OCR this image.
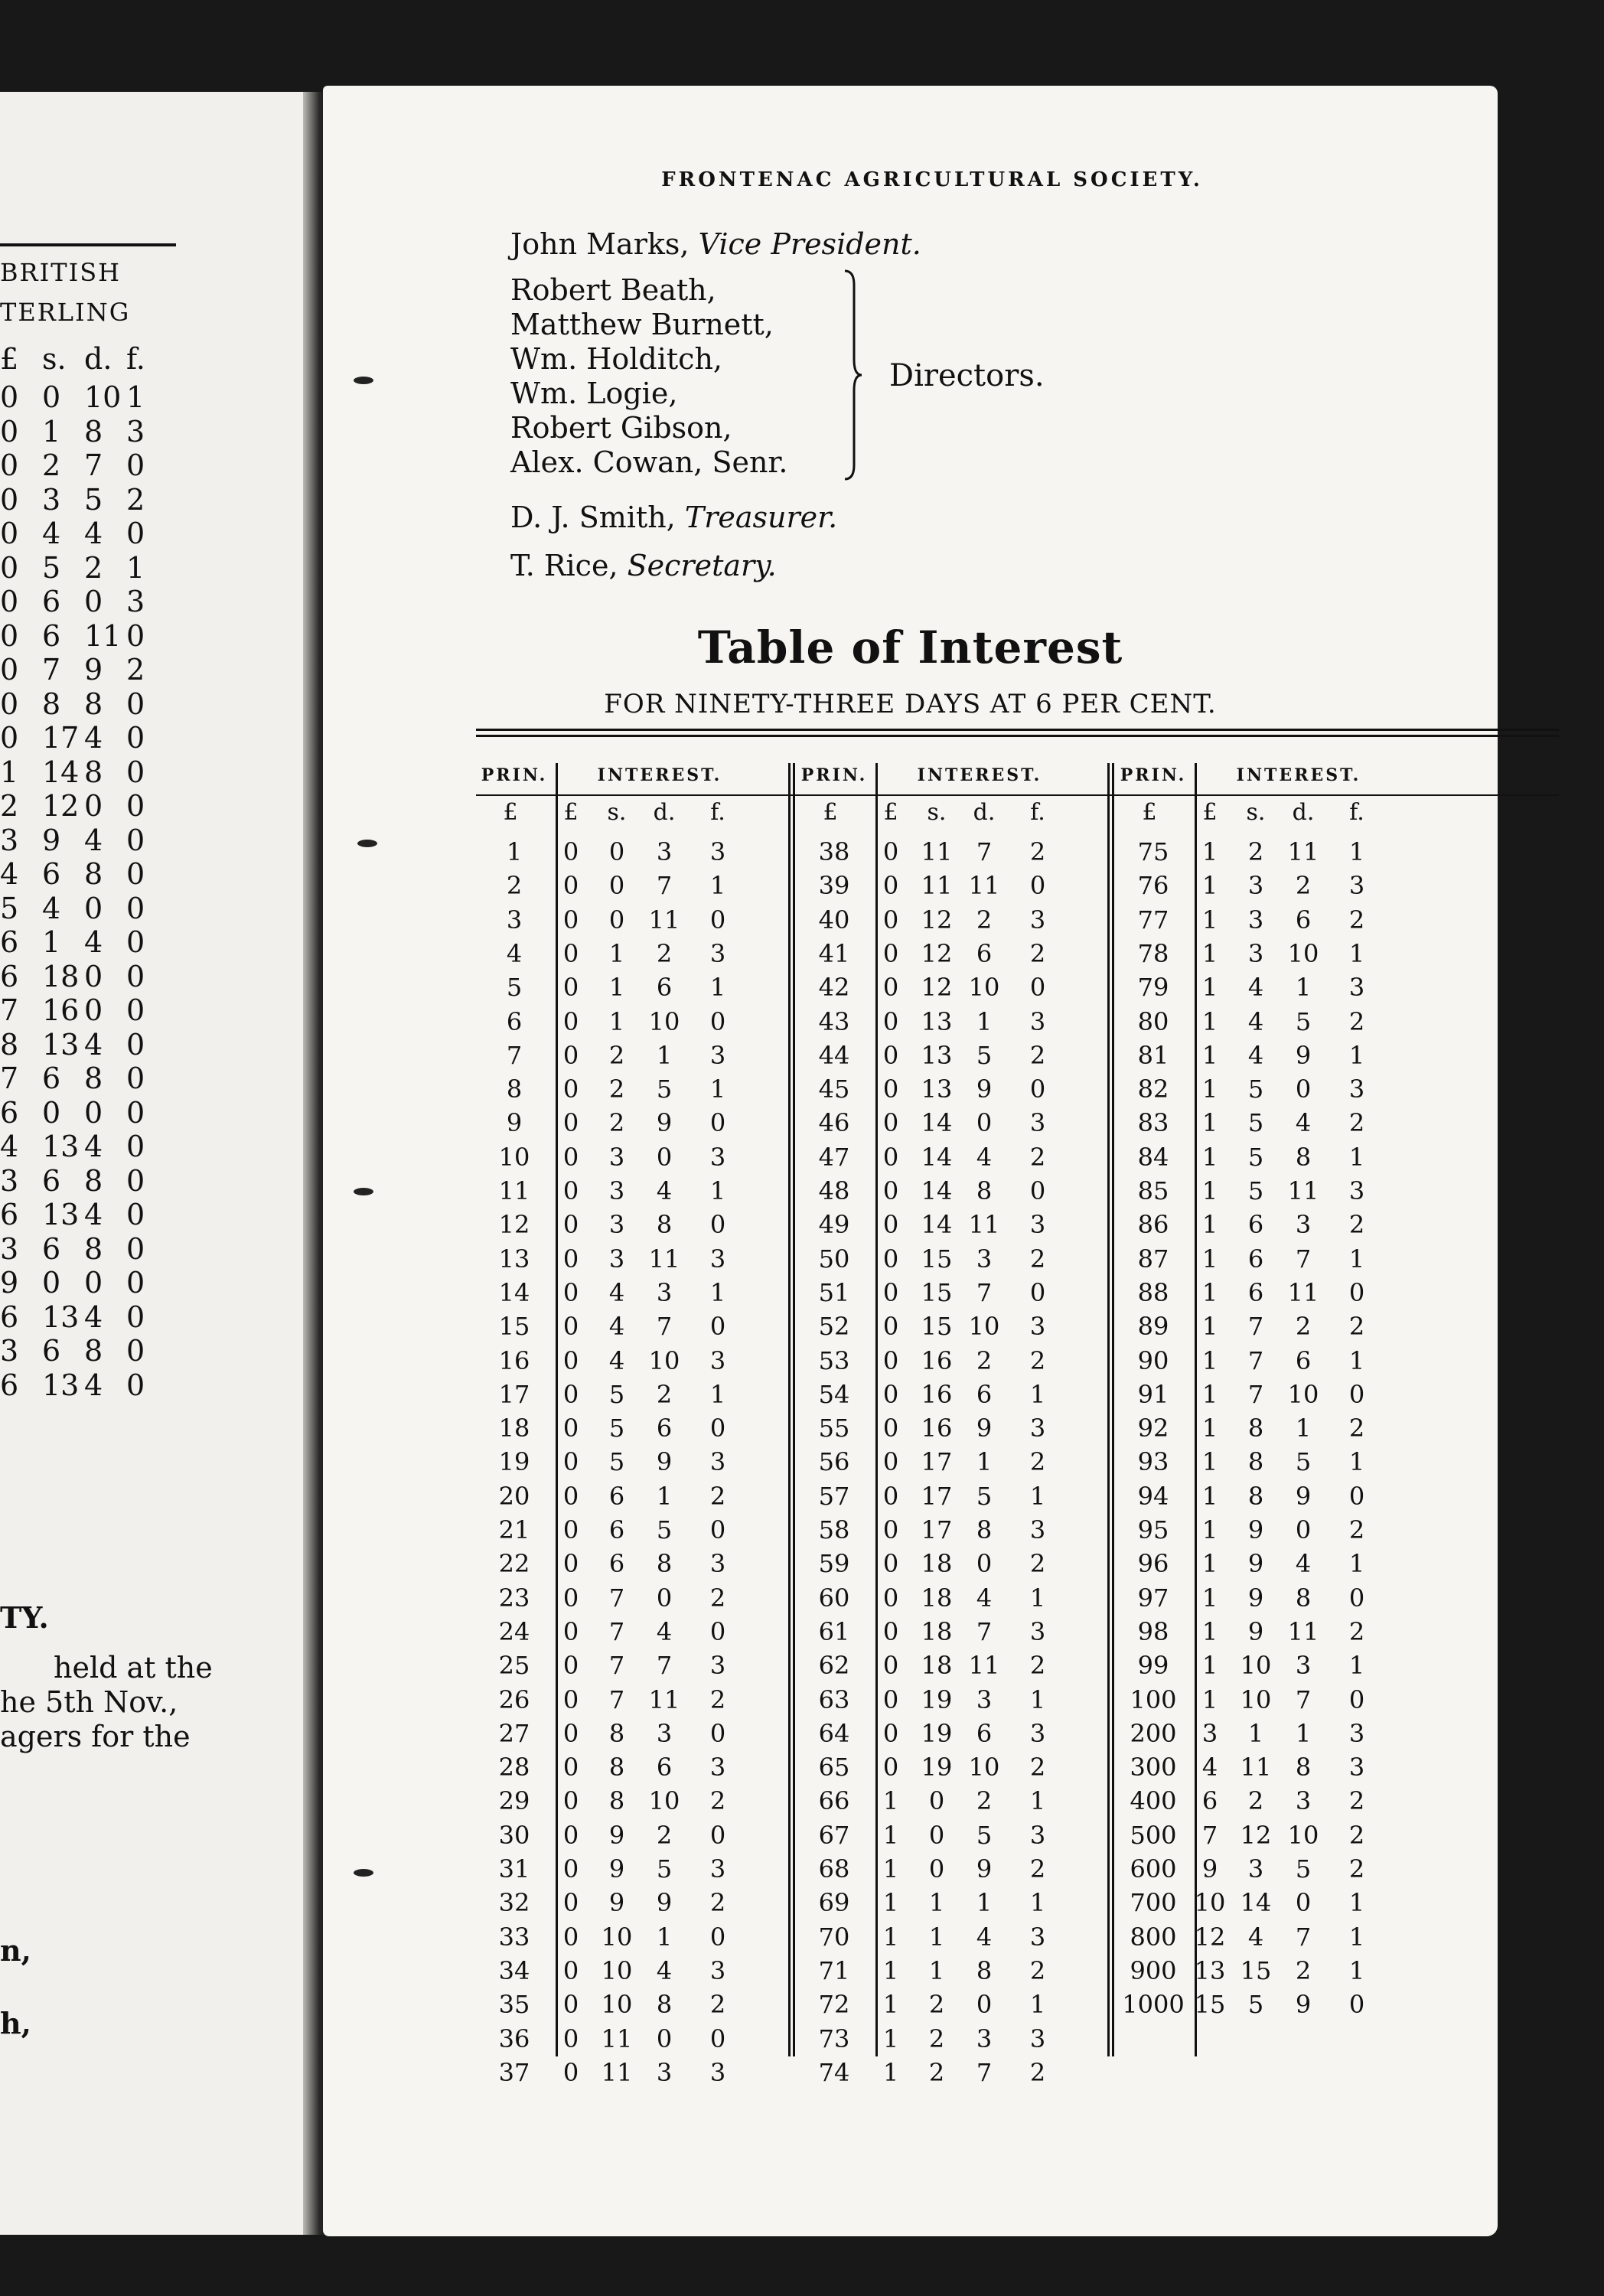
BRITISH
TERLING
£ s. d. f.
0 0 10 1
0 1 8 3
0 2 7 0
0 3 5 2
0 4 4 0
0 5 2 1
0 6 0 3
0 6 11 0
0 7 9 2
0 8 8 0
0 17 4 0
1 14 8 0
2 12 0 0
3 9 4 0
4 6 8 0
5 4 0 0
6 1 4 0
6 18 0 0
7 16 0 0
8 13 4 0
7 6 8 0
6 0 0 0
4 13 4 0
3 6 8 0
6 13 4 0
3 6 8 0
9 0 0 0
6 13 4 0
3 6 8 0
6 13 4 0
TY.
held at the
he 5th Nov.,
agers for the
n,
h,
FRONTENAC AGRICULTURAL SOCIETY.
John Marks, Vice President.
Robert Beath,
Matthew Burnett,
Wm. Holditch,
Wm. Logie,
Robert Gibson,
Alex. Cowan, Senr.
Directors.
D. J. Smith, Treasurer.
T. Rice, Secretary.
Table of Interest
FOR NINETY-THREE DAYS AT 6 PER CENT.
PRIN.	INTEREST.
£	£	s. d.	f.
1	0	0	3	3
2	0	0	7	1
3	0	0 11	0
4	0	1	2	3
5	0	1	6	1
6	0	1 10	0
7	0	2	1	3
8	0	2	5	1
9	0	2	9	0
10	0	3	0	3
11	0	3	4	1
12	0	3	8	0
13	0	3 11	3
14	0	4	3	1
15	0	4	7	0
16	0	4 10	3
17	0	5	2	1
18	0	5	6	0
19	0	5	9	3
20	0	6	1	2
21	0	6	5	0
22	0	6	8	3
23	0	7	0	2
24	0	7	4	0
25	0	7	7	3
26	0	7 11	2
27	0	8	3	0
28	0	8	6	3
29	0	8 10	2
30	0	9	2	0
31	0	9	5	3
32	0	9	9	2
33	0 10 1	0
34	0 10 4	3
35	0 10 8	2
36	0 11 0	0
37	0 11 3	3
PRIN.	INTEREST.
£	£	s. d.	f.
38	0 11 7	2
39	0 11 11	0
40	0 12 2	3
41	0 12 6	2
42	0 12 10	0
43	0 13 1	3
44	0 13 5	2
45	0 13 9	0
46	0 14 0	3
47	0 14 4	2
48	0 14 8	0
49	0 14 11	3
50	0 15 3	2
51	0 15 7	0
52	0 15 10	3
53	0 16 2	2
54	0 16 6	1
55	0 16 9	3
56	0 17 1	2
57	0 17 5	1
58	0 17 8	3
59	0 18 0	2
60	0 18 4	1
61	0 18 7	3
62	0 18 11	2
63	0 19 3	1
64	0 19 6	3
65	0 19 10	2
66	1	0	2	1
67	1	0	5	3
68	1	0	9	2
69	1	1	1	1
70	1	1	4	3
71	1	1	8	2
72	1	2	0	1
73	1	2	3	3
74	1	2	7	2
PRIN.	INTEREST.
£	£	s. d.	f.
75	1	2 11	1
76	1	3	2	3
77	1	3	6	2
78	1	3 10	1
79	1	4	1	3
80	1	4	5	2
81	1	4	9	1
82	1	5	0	3
83	1	5	4	2
84	1	5	8	1
85	1	5 11	3
86	1	6	3	2
87	1	6	7	1
88	1	6 11	0
89	1	7	2	2
90	1	7	6	1
91	1	7 10	0
92	1	8	1	2
93	1	8	5	1
94	1	8	9	0
95	1	9	0	2
96	1	9	4	1
97	1	9	8	0
98	1	9 11	2
99	1 10 3	1
100	1 10 7	0
200	3	1	1	3
300	4 11 8	3
400	6	2	3	2
500	7 12 10	2
600	9	3	5	2
700 10 14 0	1
800 12 4	7	1
900 13 15 2	1
1000 15 5	9	0
